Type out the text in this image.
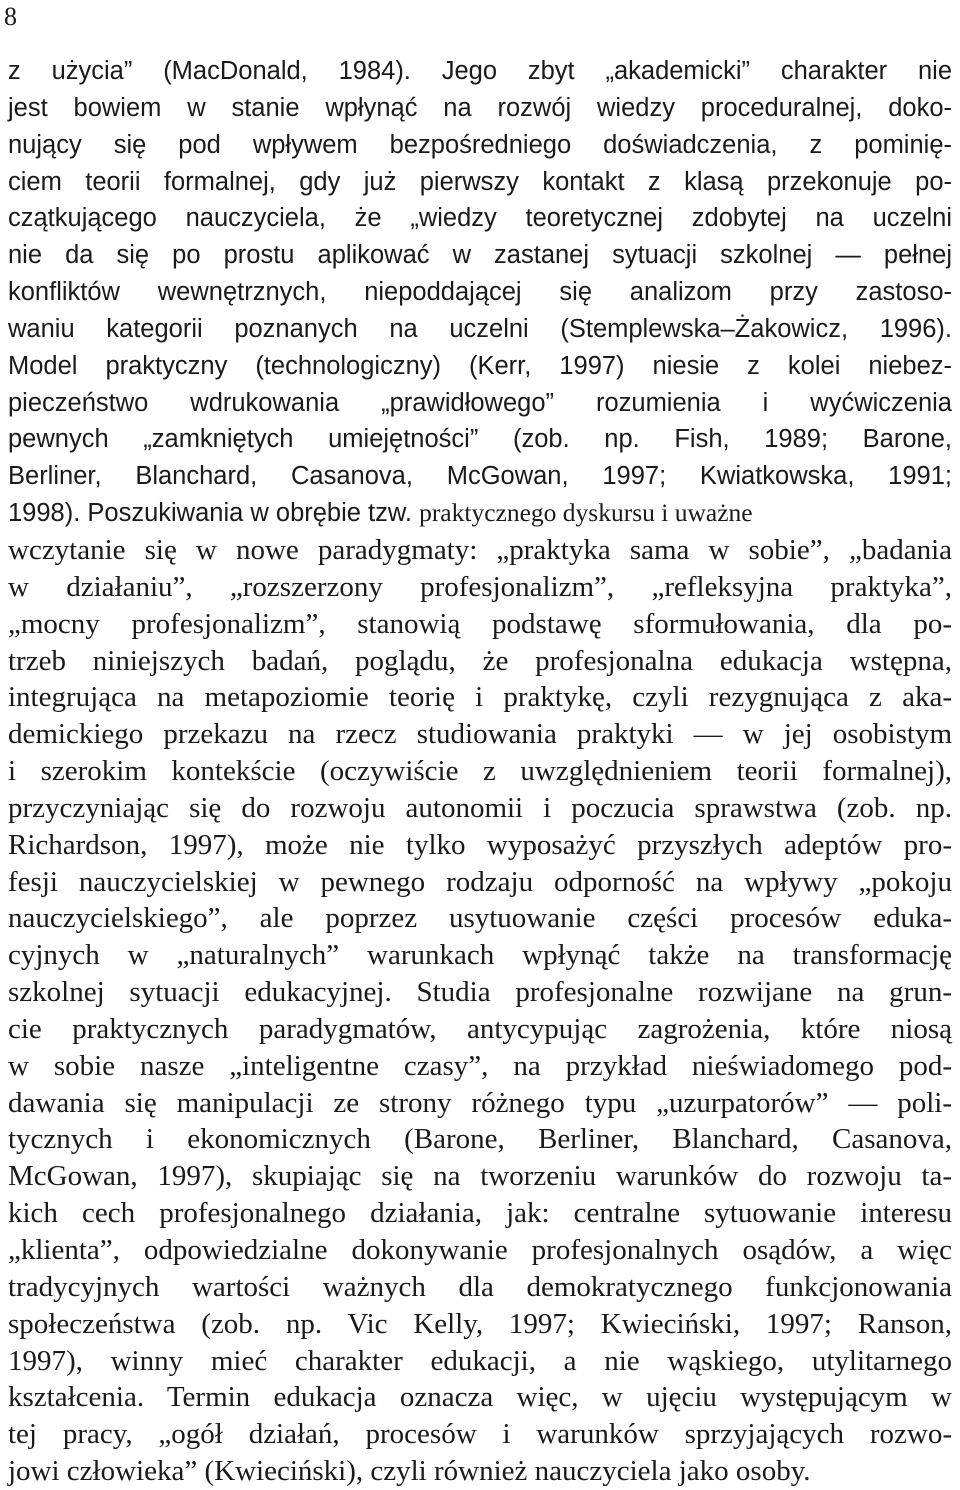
8
z użycia” (MacDonald, 1984). Jego zbyt „akademicki” charakter nie
jest bowiem w stanie wpłynąć na rozwój wiedzy proceduralnej, doko-
nujący się pod wpływem bezpośredniego doświadczenia, z pominię-
ciem teorii formalnej, gdy już pierwszy kontakt z klasą przekonuje po-
czątkującego nauczyciela, że „wiedzy teoretycznej zdobytej na uczelni
nie da się po prostu aplikować w zastanej sytuacji szkolnej — pełnej
konfliktów wewnętrznych, niepoddającej się analizom przy zastoso-
waniu kategorii poznanych na uczelni (Stemplewska–Żakowicz, 1996).
Model praktyczny (technologiczny) (Kerr, 1997) niesie z kolei niebez-
pieczeństwo wdrukowania „prawidłowego” rozumienia i wyćwiczenia
pewnych „zamkniętych umiejętności” (zob. np. Fish, 1989; Barone,
Berliner, Blanchard, Casanova, McGowan, 1997; Kwiatkowska, 1991;
1998). Poszukiwania w obrębie tzw. praktycznego dyskursu i uważne
wczytanie się w nowe paradygmaty: „praktyka sama w sobie”, „badania
w działaniu”, „rozszerzony profesjonalizm”, „refleksyjna praktyka”,
„mocny profesjonalizm”, stanowią podstawę sformułowania, dla po-
trzeb niniejszych badań, poglądu, że profesjonalna edukacja wstępna,
integrująca na metapoziomie teorię i praktykę, czyli rezygnująca z aka-
demickiego przekazu na rzecz studiowania praktyki — w jej osobistym
i szerokim kontekście (oczywiście z uwzględnieniem teorii formalnej),
przyczyniając się do rozwoju autonomii i poczucia sprawstwa (zob. np.
Richardson, 1997), może nie tylko wyposażyć przyszłych adeptów pro-
fesji nauczycielskiej w pewnego rodzaju odporność na wpływy „pokoju
nauczycielskiego”, ale poprzez usytuowanie części procesów eduka-
cyjnych w „naturalnych” warunkach wpłynąć także na transformację
szkolnej sytuacji edukacyjnej. Studia profesjonalne rozwijane na grun-
cie praktycznych paradygmatów, antycypując zagrożenia, które niosą
w sobie nasze „inteligentne czasy”, na przykład nieświadomego pod-
dawania się manipulacji ze strony różnego typu „uzurpatorów” — poli-
tycznych i ekonomicznych (Barone, Berliner, Blanchard, Casanova,
McGowan, 1997), skupiając się na tworzeniu warunków do rozwoju ta-
kich cech profesjonalnego działania, jak: centralne sytuowanie interesu
„klienta”, odpowiedzialne dokonywanie profesjonalnych osądów, a więc
tradycyjnych wartości ważnych dla demokratycznego funkcjonowania
społeczeństwa (zob. np. Vic Kelly, 1997; Kwieciński, 1997; Ranson,
1997), winny mieć charakter edukacji, a nie wąskiego, utylitarnego
kształcenia. Termin edukacja oznacza więc, w ujęciu występującym w
tej pracy, „ogół działań, procesów i warunków sprzyjających rozwo-
jowi człowieka” (Kwieciński), czyli również nauczyciela jako osoby.
